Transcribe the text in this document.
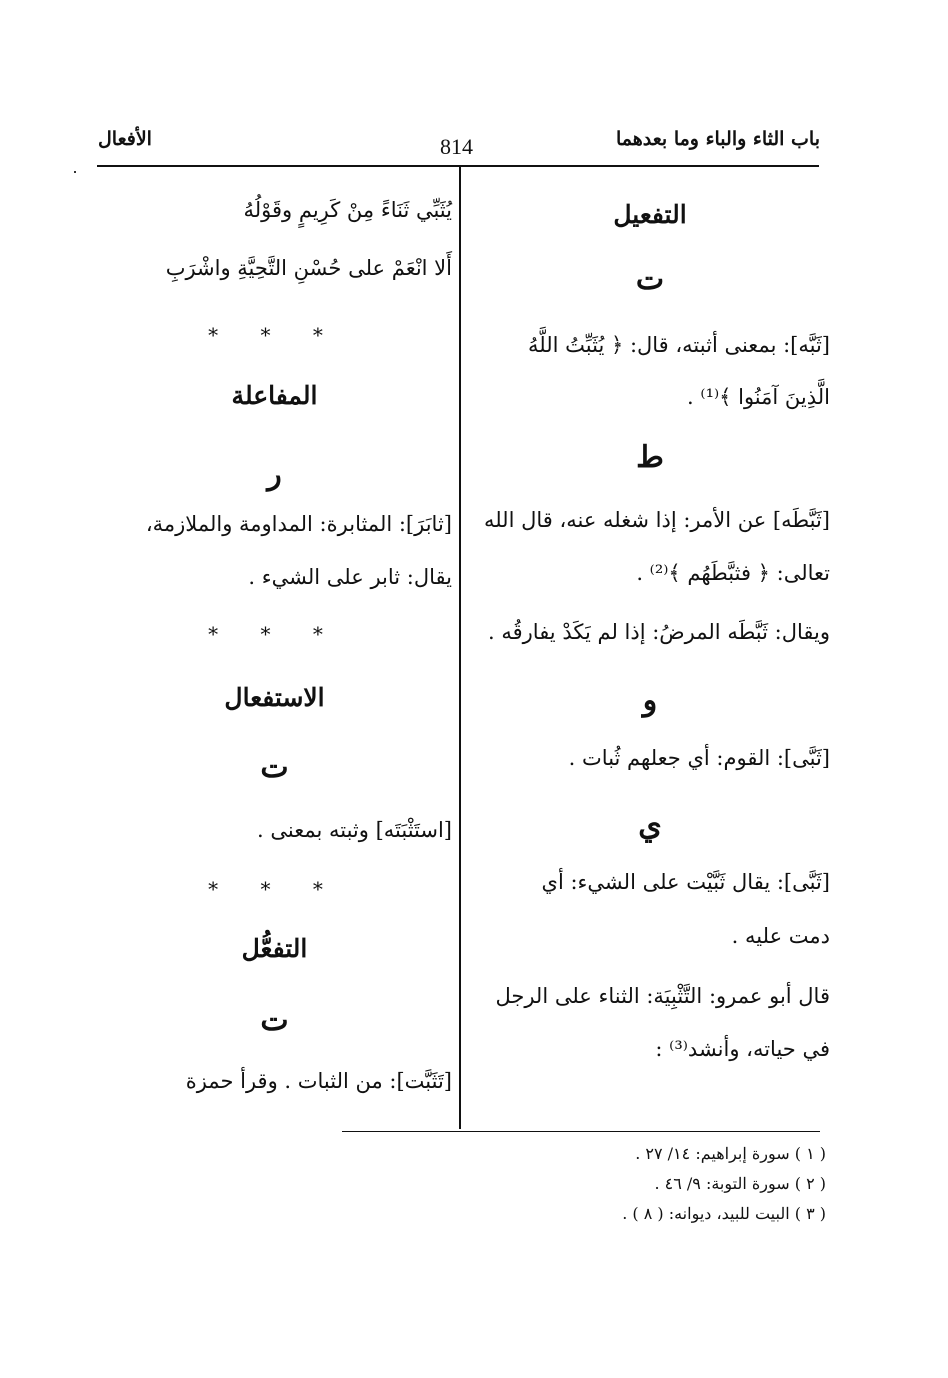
باب الثاء والباء وما بعدهما
814
الأفعال
التفعيل
ت
[ثَبَّه]: بمعنى أثبته، قال: ﴿ يُثَبِّتُ اللَّهُ
الَّذِينَ آمَنُوا ﴾⁽¹⁾ .
ط
[ثَبَّطَه] عن الأمر: إذا شغله عنه، قال الله
تعالى: ﴿ فثبَّطَهُم ﴾⁽²⁾ .
ويقال: ثَبَّطَه المرضُ: إذا لم يَكَدْ يفارقُه .
و
[ثَبَّى]: القوم: أي جعلهم ثُبات .
ي
[ثَبَّى]: يقال ثَبَّيْت على الشيء: أي
دمت عليه .
قال أبو عمرو: التَّثْبِيَة: الثناء على الرجل
في حياته، وأنشد⁽³⁾ :
يُثَبِّي ثَنَاءً مِنْ كَرِيمٍ وقَوْلُهُ
أَلا انْعَمْ على حُسْنِ التَّحِيَّةِ واشْرَبِ
* * *
المفاعلة
ر
[ثابَرَ]: المثابرة: المداومة والملازمة،
يقال: ثابر على الشيء .
* * *
الاستفعال
ت
[استَثْبَتَه] وثبته بمعنى .
* * *
التفعُّل
ت
[تَثَبَّت]: من الثبات . وقرأ حمزة
( ١ ) سورة إبراهيم: ١٤/ ٢٧ .
( ٢ ) سورة التوبة: ٩/ ٤٦ .
( ٣ ) البيت للبيد، ديوانه: ( ٨ ) .
